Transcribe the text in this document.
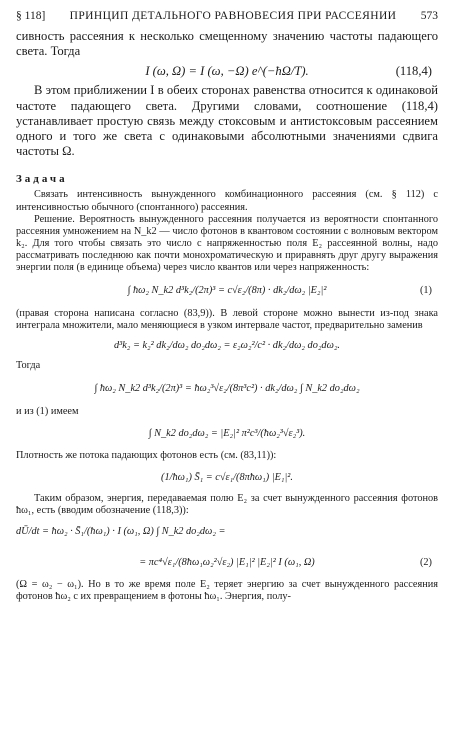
§ 118] ПРИНЦИП ДЕТАЛЬНОГО РАВНОВЕСИЯ ПРИ РАССЕЯНИИ 573

сивность рассеяния к несколько смещенному значению частоты падающего света. Тогда

I (ω, Ω) = I (ω, −Ω) e^(−ħΩ/T).	(118,4)

В этом приближении I в обеих сторонах равенства относится к одинаковой частоте падающего света. Другими словами, соотношение (118,4) устанавливает простую связь между стоксовым и антистоксовым рассеянием одного и того же света с одинаковыми абсолютными значениями сдвига частоты Ω.

Задача

Связать интенсивность вынужденного комбинационного рассеяния (см. § 112) с интенсивностью обычного (спонтанного) рассеяния.

Решение. Вероятность вынужденного рассеяния получается из вероятности спонтанного рассеяния умножением на N_k2 — число фотонов в квантовом состоянии с волновым вектором k₂. Для того чтобы связать это число с напряженностью поля E₂ рассеянной волны, надо рассматривать последнюю как почти монохроматическую и приравнять друг другу выражения энергии поля (в единице объема) через число квантов или через напряженность:

∫ ħω₂ N_k2 d³k₂/(2π)³
= c√ε₂/(8π) · dk₂/dω₂ |E₂|²	(1)

(правая сторона написана согласно (83,9)). В левой стороне можно вынести из-под знака интеграла множители, мало меняющиеся в узком интервале частот, предварительно заменив

d³k₂ = k₂² dk₂/dω₂ do₂dω₂ = ε₂ω₂²/c² · dk₂/dω₂ do₂dω₂.

Тогда

∫ ħω₂ N_k2 d³k₂/(2π)³ = ħω₂³√ε₂/(8π³c²) · dk₂/dω₂ ∫ N_k2 do₂dω₂

и из (1) имеем

∫ N_k2 do₂dω₂ = |E₂|² π²c³/(ħω₂³√ε₂³).

Плотность же потока падающих фотонов есть (см. (83,11)):

(1/ħω₁) S̄₁ = c√ε₁/(8πħω₁) |E₁|².

Таким образом, энергия, передаваемая полю E₂ за счет вынужденного рассеяния фотонов ħω₁, есть (вводим обозначение (118,3)):

dŪ/dt = ħω₂ · S̄₁/(ħω₁) · I (ω₁, Ω) ∫ N_k2 do₂dω₂ =
= πc⁴√ε₁/(8ħω₁ω₂²√ε₂) |E₁|² |E₂|² I (ω₁, Ω)	(2)

(Ω = ω₂ − ω₁). Но в то же время поле E₂ теряет энергию за счет вынужденного рассеяния фотонов ħω₂ с их превращением в фотоны ħω₁. Энергия, полу-
